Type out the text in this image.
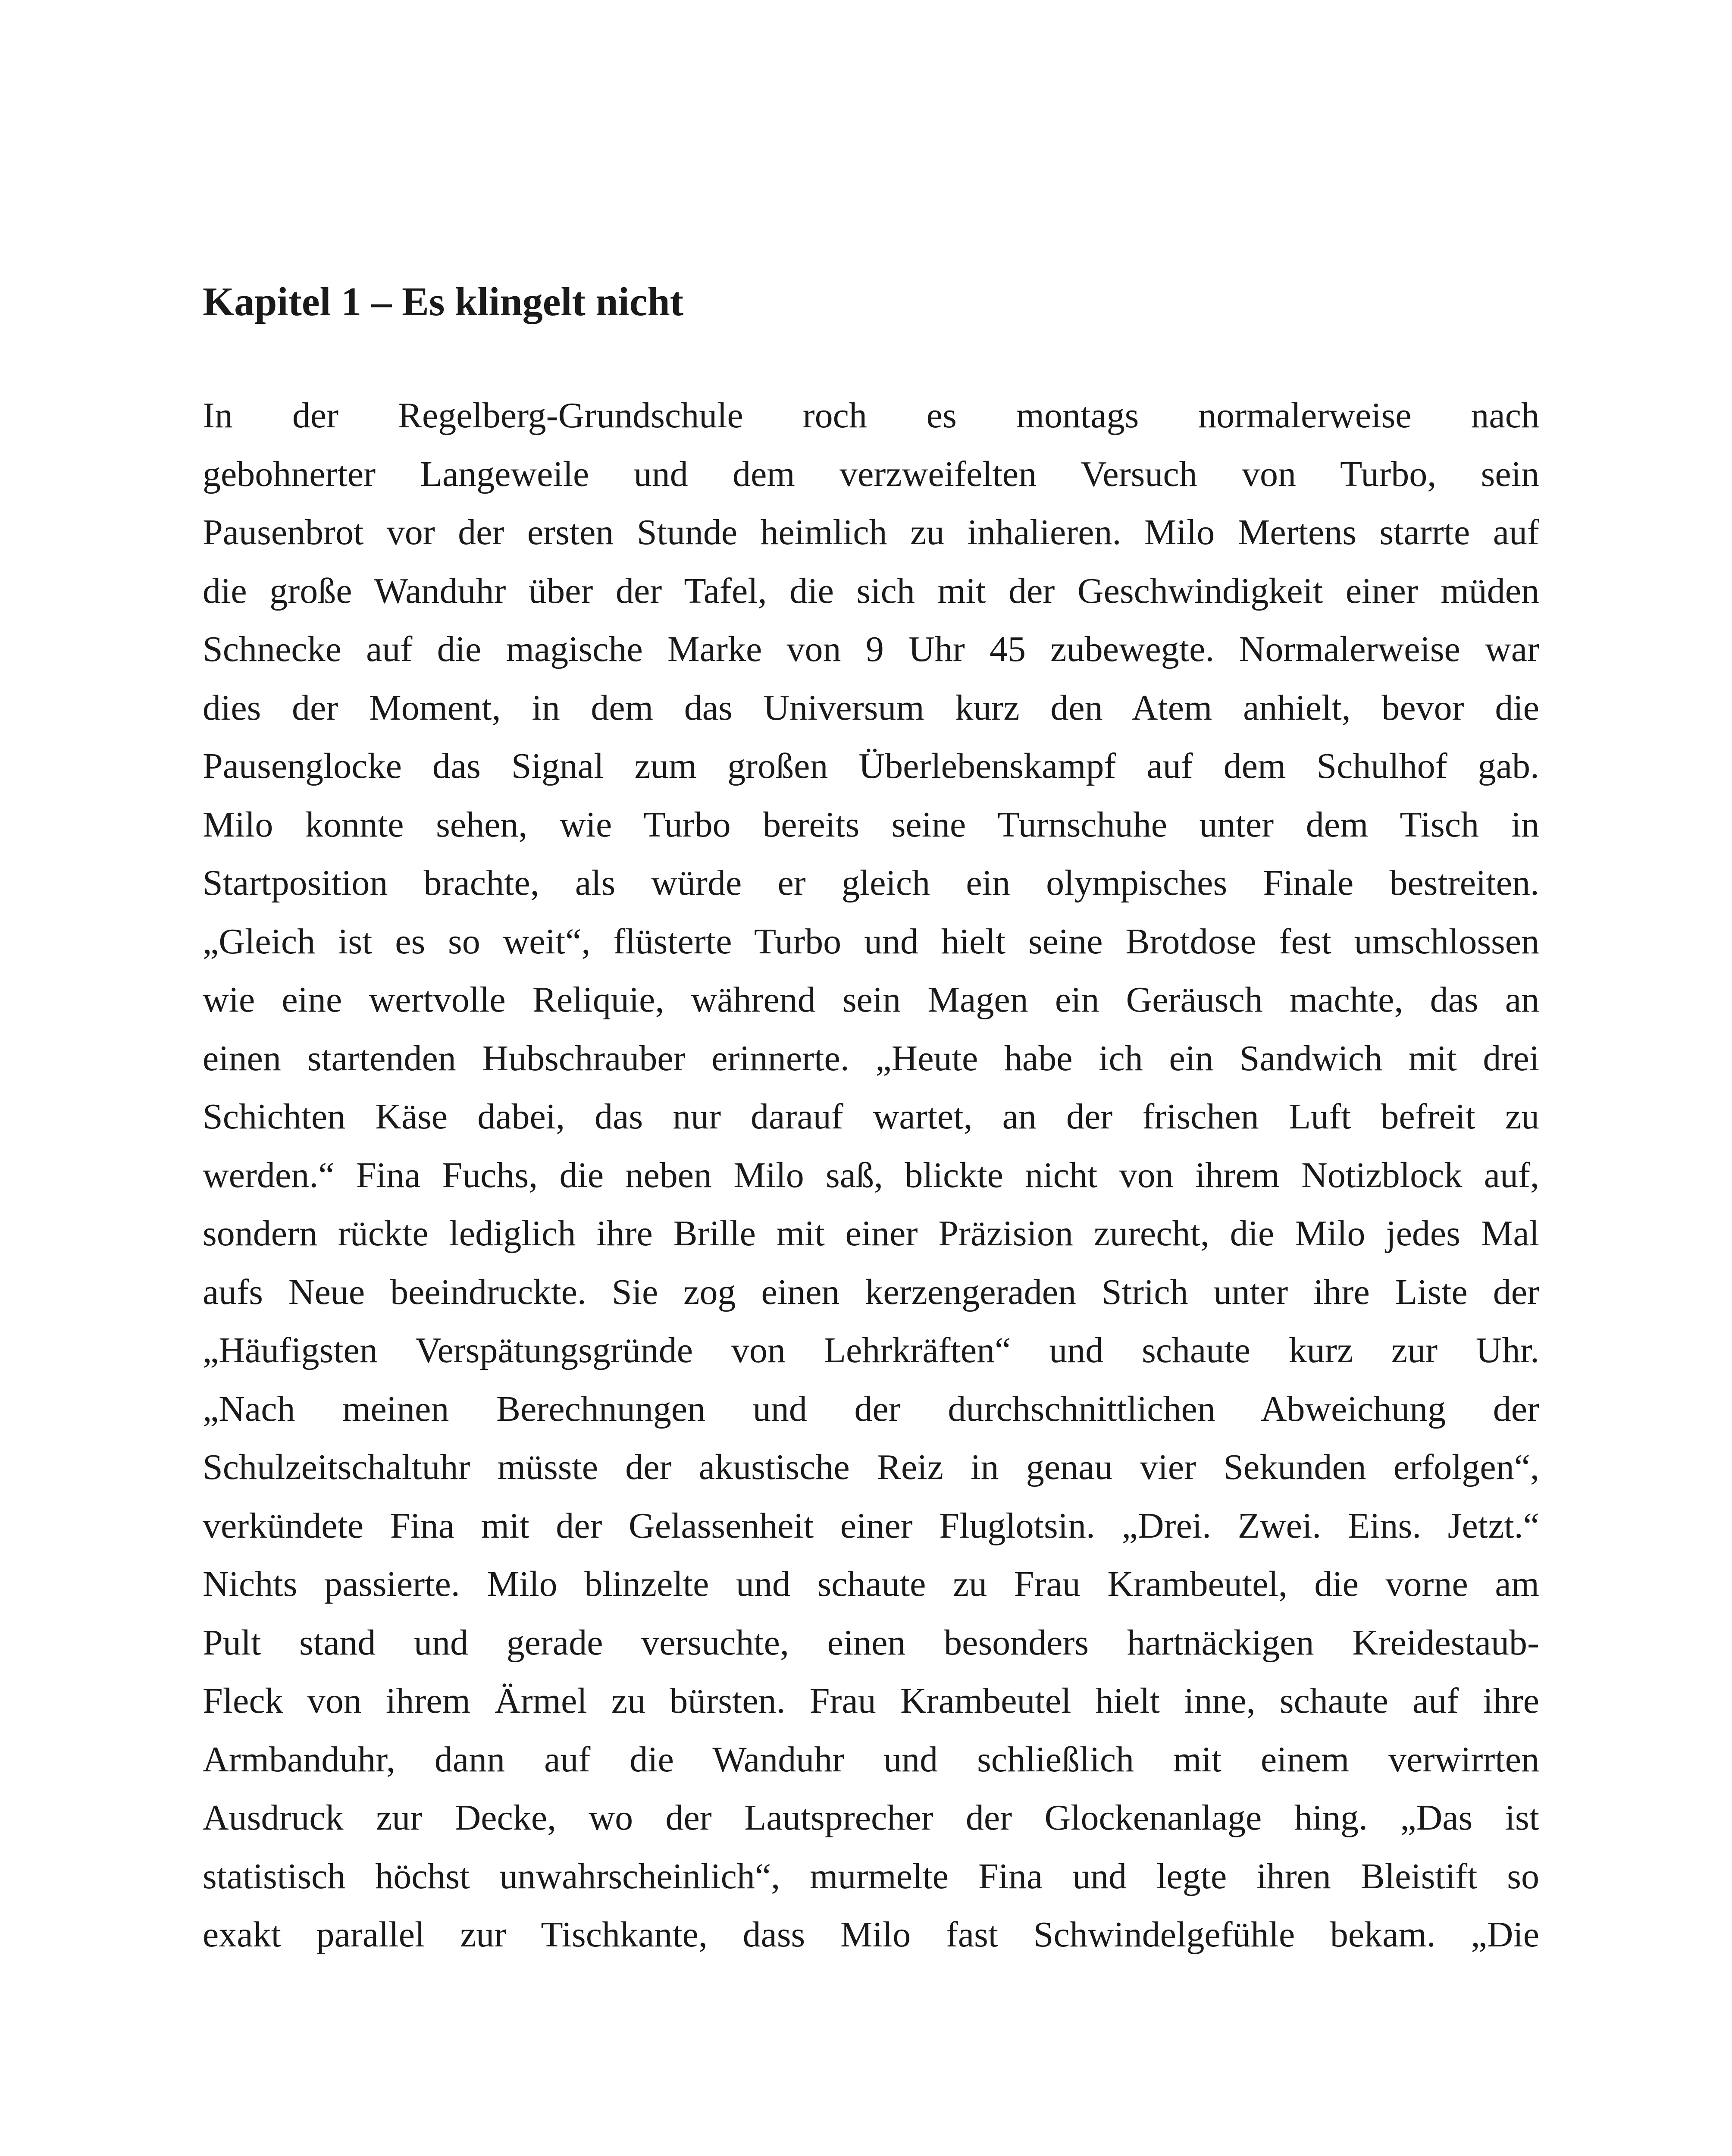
Kapitel 1 – Es klingelt nicht
In der Regelberg-Grundschule roch es montags normalerweise nach
gebohnerter Langeweile und dem verzweifelten Versuch von Turbo, sein
Pausenbrot vor der ersten Stunde heimlich zu inhalieren. Milo Mertens starrte auf
die große Wanduhr über der Tafel, die sich mit der Geschwindigkeit einer müden
Schnecke auf die magische Marke von 9 Uhr 45 zubewegte. Normalerweise war
dies der Moment, in dem das Universum kurz den Atem anhielt, bevor die
Pausenglocke das Signal zum großen Überlebenskampf auf dem Schulhof gab.
Milo konnte sehen, wie Turbo bereits seine Turnschuhe unter dem Tisch in
Startposition brachte, als würde er gleich ein olympisches Finale bestreiten.
„Gleich ist es so weit“, flüsterte Turbo und hielt seine Brotdose fest umschlossen
wie eine wertvolle Reliquie, während sein Magen ein Geräusch machte, das an
einen startenden Hubschrauber erinnerte. „Heute habe ich ein Sandwich mit drei
Schichten Käse dabei, das nur darauf wartet, an der frischen Luft befreit zu
werden.“ Fina Fuchs, die neben Milo saß, blickte nicht von ihrem Notizblock auf,
sondern rückte lediglich ihre Brille mit einer Präzision zurecht, die Milo jedes Mal
aufs Neue beeindruckte. Sie zog einen kerzengeraden Strich unter ihre Liste der
„Häufigsten Verspätungsgründe von Lehrkräften“ und schaute kurz zur Uhr.
„Nach meinen Berechnungen und der durchschnittlichen Abweichung der
Schulzeitschaltuhr müsste der akustische Reiz in genau vier Sekunden erfolgen“,
verkündete Fina mit der Gelassenheit einer Fluglotsin. „Drei. Zwei. Eins. Jetzt.“
Nichts passierte. Milo blinzelte und schaute zu Frau Krambeutel, die vorne am
Pult stand und gerade versuchte, einen besonders hartnäckigen Kreidestaub-
Fleck von ihrem Ärmel zu bürsten. Frau Krambeutel hielt inne, schaute auf ihre
Armbanduhr, dann auf die Wanduhr und schließlich mit einem verwirrten
Ausdruck zur Decke, wo der Lautsprecher der Glockenanlage hing. „Das ist
statistisch höchst unwahrscheinlich“, murmelte Fina und legte ihren Bleistift so
exakt parallel zur Tischkante, dass Milo fast Schwindelgefühle bekam. „Die
